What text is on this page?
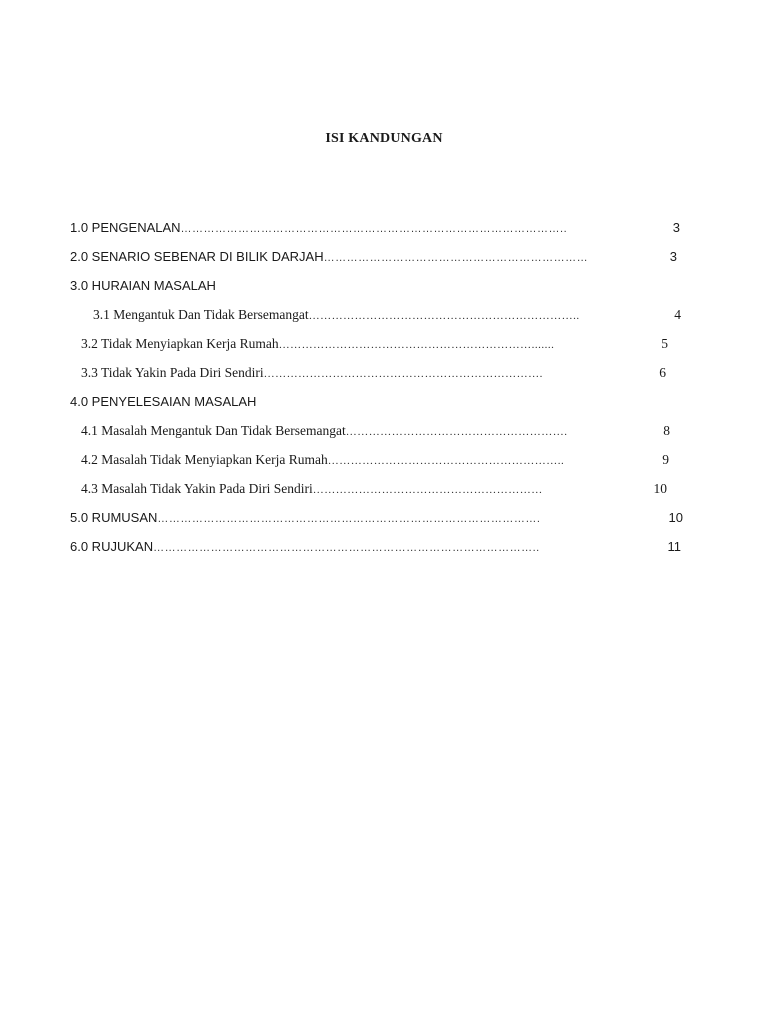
ISI KANDUNGAN
1.0 PENGENALAN ………………………………………………………………………………………..	3
2.0 SENARIO SEBENAR DI BILIK DARJAH ……………………………………………………………	3
3.0 HURAIAN MASALAH
3.1 Mengantuk Dan Tidak Bersemangat ……………………………………………………………..	4
3.2 Tidak Menyiapkan Kerja Rumah ………………………………………………………….......	5
3.3 Tidak Yakin Pada Diri Sendiri ……………………………………………………………….	6
4.0 PENYELESAIAN MASALAH
4.1 Masalah Mengantuk Dan Tidak Bersemangat ………………………………………………….	8
4.2 Masalah Tidak Menyiapkan Kerja Rumah ……………………………………………………..	9
4.3 Masalah Tidak Yakin Pada Diri Sendiri ……………………………………………………	10
5.0 RUMUSAN ……………………………………………………………………………………….	10
6.0 RUJUKAN ………………………………………………………………………………………..	11
